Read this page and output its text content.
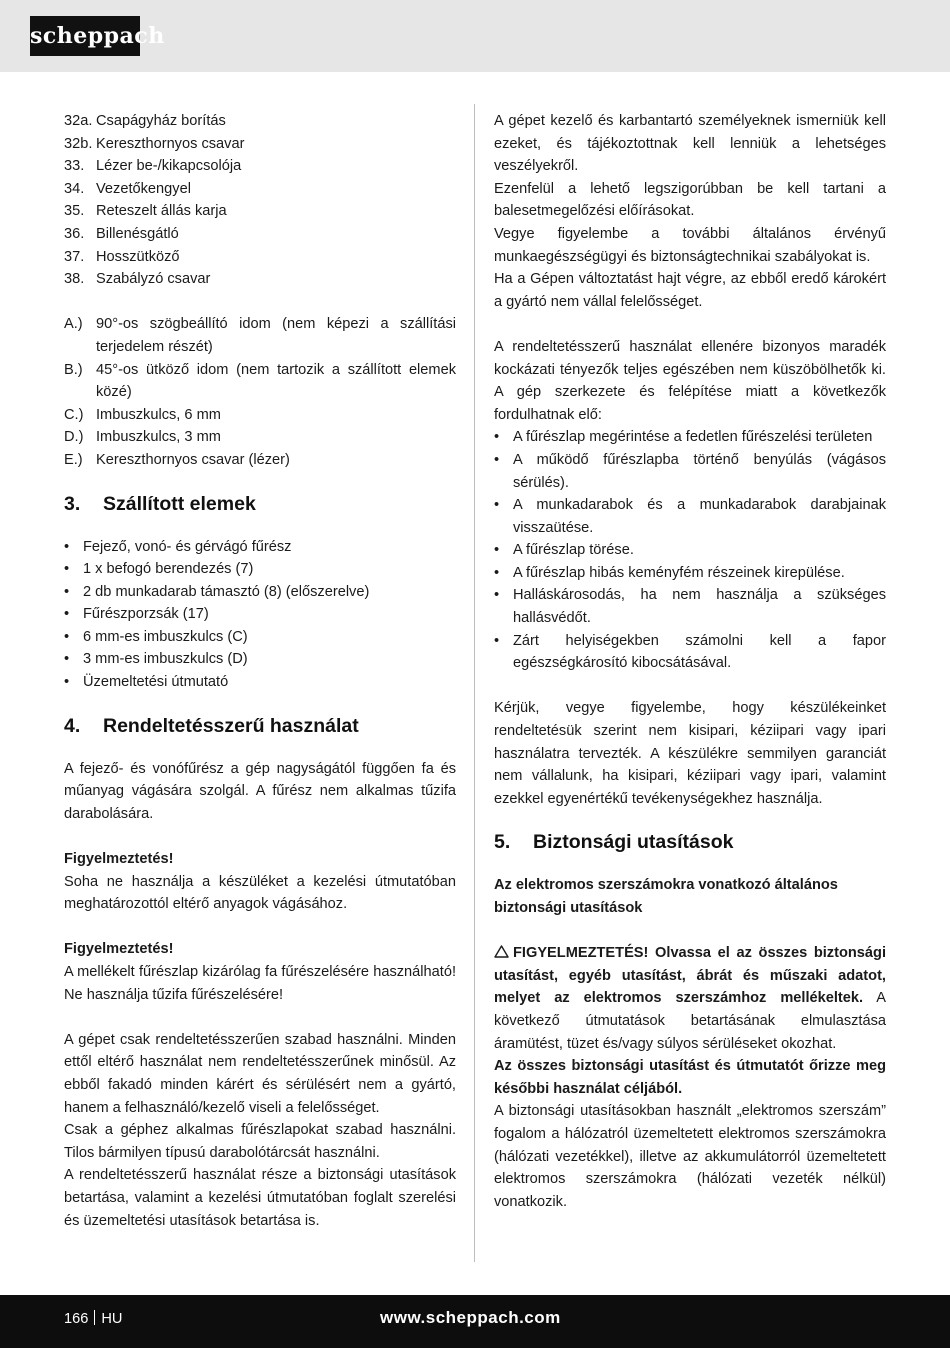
scheppach
32a. Csapágyház borítás
32b. Kereszthornyos csavar
33. Lézer be-/kikapcsolója
34. Vezetőkengyel
35. Reteszelt állás karja
36. Billenésgátló
37. Hosszütköző
38. Szabályzó csavar
A.) 90°-os szögbeállító idom (nem képezi a szállítási terjedelem részét)
B.) 45°-os ütköző idom (nem tartozik a szállított elemek közé)
C.) Imbuszkulcs, 6 mm
D.) Imbuszkulcs, 3 mm
E.) Kereszthornyos csavar (lézer)
3. Szállított elemek
• Fejező, vonó- és gérvágó fűrész
• 1 x befogó berendezés (7)
• 2 db munkadarab támasztó (8) (előszerelve)
• Fűrészporzsák (17)
• 6 mm-es imbuszkulcs (C)
• 3 mm-es imbuszkulcs (D)
• Üzemeltetési útmutató
4. Rendeltetésszerű használat

A fejező- és vonófűrész a gép nagyságától függően fa és műanyag vágására szolgál. A fűrész nem alkalmas tűzifa darabolására.

Figyelmeztetés!

Soha ne használja a készüléket a kezelési útmutatóban meghatározottól eltérő anyagok vágásához.

Figyelmeztetés!

A mellékelt fűrészlap kizárólag fa fűrészelésére használható! Ne használja tűzifa fűrészelésére!

A gépet csak rendeltetésszerűen szabad használni. Minden ettől eltérő használat nem rendeltetésszerűnek minősül. Az ebből fakadó minden kárért és sérülésért nem a gyártó, hanem a felhasználó/kezelő viseli a felelősséget.

Csak a géphez alkalmas fűrészlapokat szabad használni. Tilos bármilyen típusú darabolótárcsát használni.

A rendeltetésszerű használat része a biztonsági utasítások betartása, valamint a kezelési útmutatóban foglalt szerelési és üzemeltetési utasítások betartása is.

A gépet kezelő és karbantartó személyeknek ismerniük kell ezeket, és tájékoztottnak kell lenniük a lehetséges veszélyekről.

Ezenfelül a lehető legszigorúbban be kell tartani a balesetmegelőzési előírásokat.

Vegye figyelembe a további általános érvényű munkaegészségügyi és biztonságtechnikai szabályokat is.

Ha a Gépen változtatást hajt végre, az ebből eredő károkért a gyártó nem vállal felelősséget.

A rendeltetésszerű használat ellenére bizonyos maradék kockázati tényezők teljes egészében nem küszöbölhetők ki. A gép szerkezete és felépítése miatt a következők fordulhatnak elő:

• A fűrészlap megérintése a fedetlen fűrészelési területen
• A működő fűrészlapba történő benyúlás (vágásos sérülés).
• A munkadarabok és a munkadarabok darabjainak visszaütése.
• A fűrészlap törése.
• A fűrészlap hibás keményfém részeinek kirepülése.
• Halláskárosodás, ha nem használja a szükséges hallásvédőt.
• Zárt helyiségekben számolni kell a fapor egészségkárosító kibocsátásával.

Kérjük, vegye figyelembe, hogy készülékeinket rendeltetésük szerint nem kisipari, kéziipari vagy ipari használatra tervezték. A készülékre semmilyen garanciát nem vállalunk, ha kisipari, kéziipari vagy ipari, valamint ezekkel egyenértékű tevékenységekhez használja.

5. Biztonsági utasítások

Az elektromos szerszámokra vonatkozó általános biztonsági utasítások

FIGYELMEZTETÉS! Olvassa el az összes biztonsági utasítást, egyéb utasítást, ábrát és műszaki adatot, melyet az elektromos szerszámhoz mellékeltek. A következő útmutatások betartásának elmulasztása áramütést, tüzet és/vagy súlyos sérüléseket okozhat.

Az összes biztonsági utasítást és útmutatót őrizze meg későbbi használat céljából.

A biztonsági utasításokban használt „elektromos szerszám” fogalom a hálózatról üzemeltetett elektromos szerszámokra (hálózati vezetékkel), illetve az akkumulátorról üzemeltetett elektromos szerszámokra (hálózati vezeték nélkül) vonatkozik.

166 HU	www.scheppach.com
